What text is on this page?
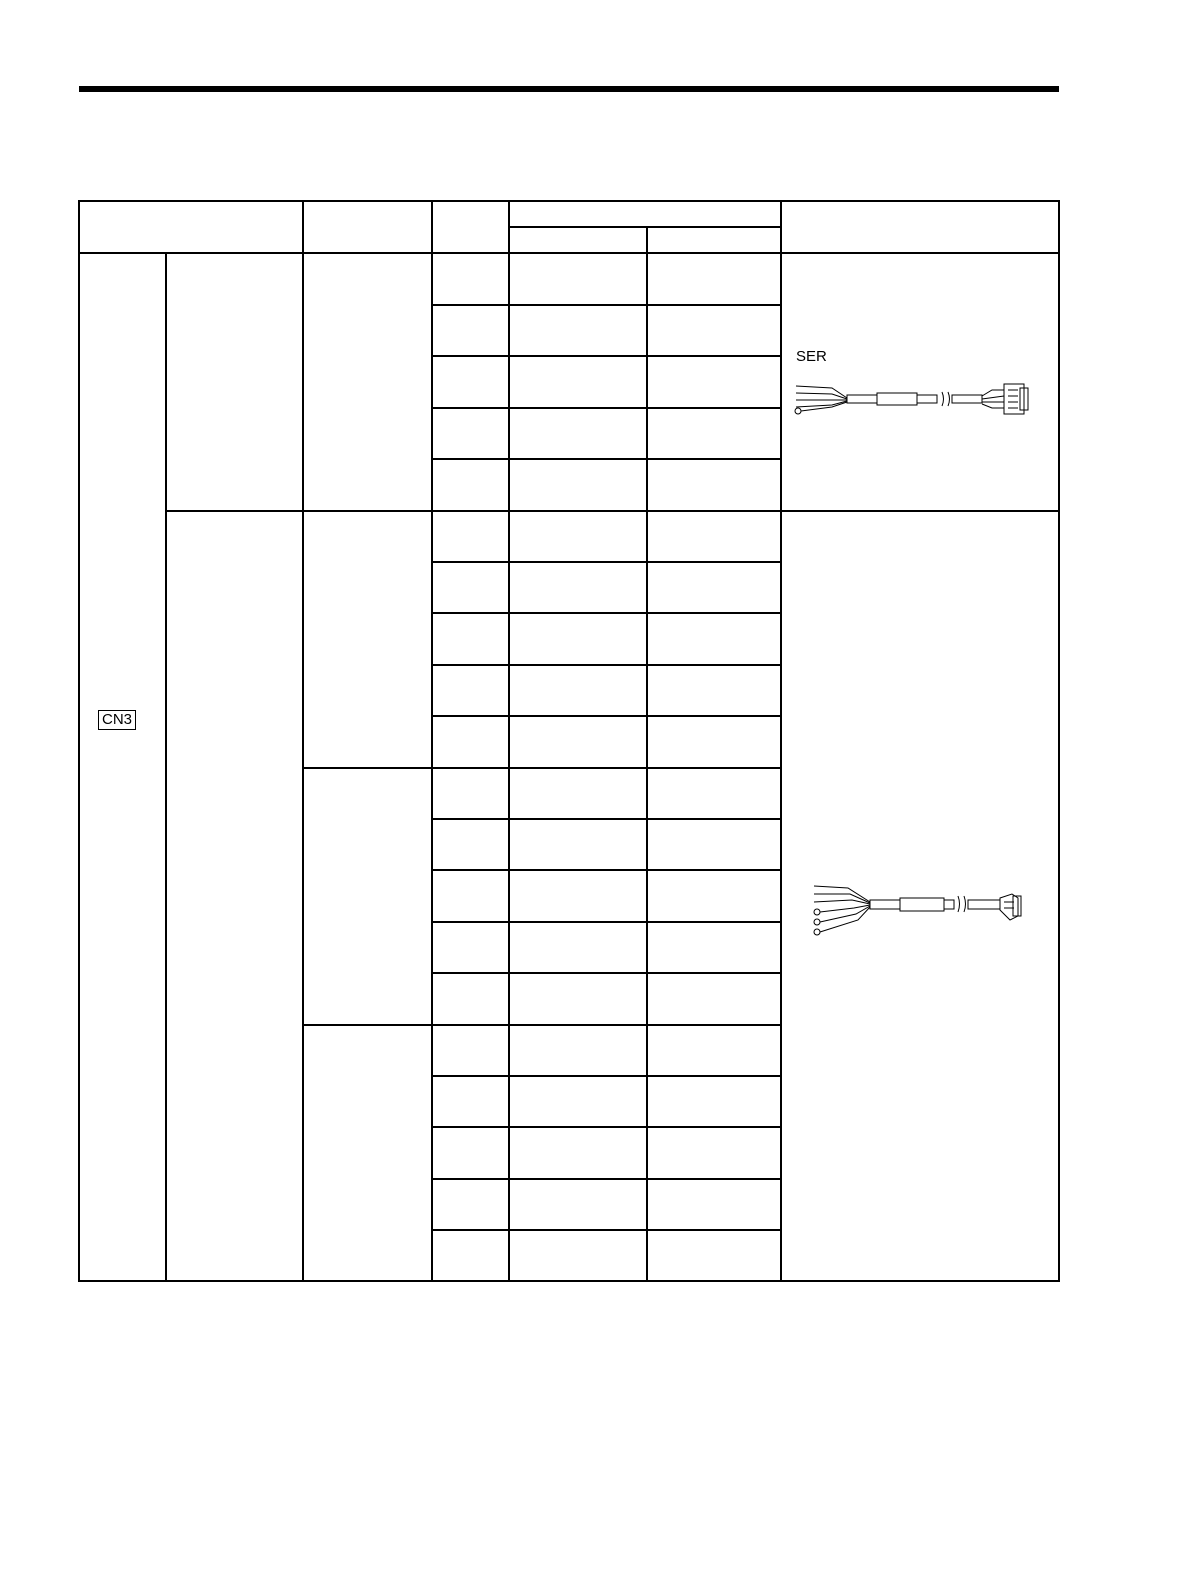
CN3
SER
